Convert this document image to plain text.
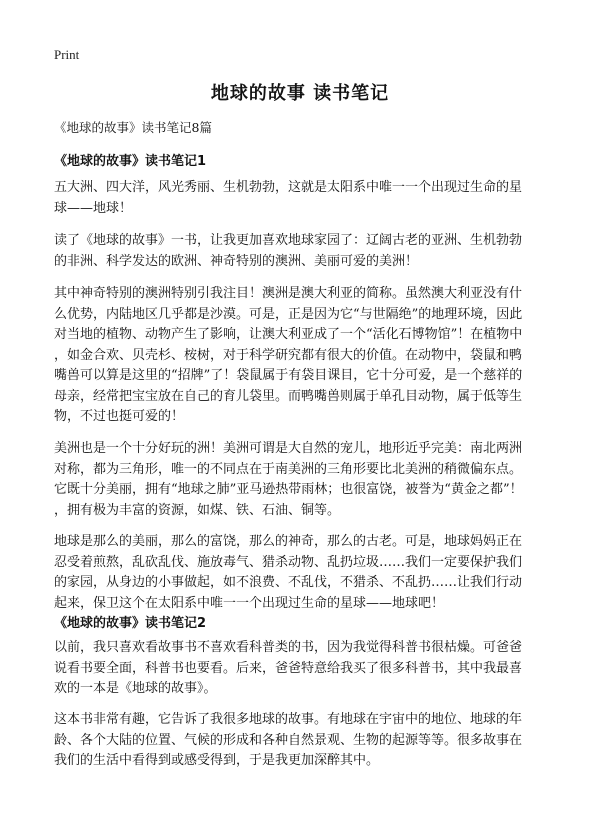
Print
地球的故事 读书笔记
《地球的故事》读书笔记8篇
《地球的故事》读书笔记1
五大洲、四大洋，风光秀丽、生机勃勃，这就是太阳系中唯一一个出现过生命的星
球——地球！
读了《地球的故事》一书，让我更加喜欢地球家园了：辽阔古老的亚洲、生机勃勃
的非洲、科学发达的欧洲、神奇特别的澳洲、美丽可爱的美洲！
其中神奇特别的澳洲特别引我注目！澳洲是澳大利亚的简称。虽然澳大利亚没有什
么优势，内陆地区几乎都是沙漠。可是，正是因为它“与世隔绝”的地理环境，因此
对当地的植物、动物产生了影响，让澳大利亚成了一个“活化石博物馆”！在植物中
，如金合欢、贝壳杉、桉树，对于科学研究都有很大的价值。在动物中，袋鼠和鸭
嘴兽可以算是这里的“招牌”了！袋鼠属于有袋目课目，它十分可爱，是一个慈祥的
母亲，经常把宝宝放在自己的育儿袋里。而鸭嘴兽则属于单孔目动物，属于低等生
物，不过也挺可爱的！
美洲也是一个十分好玩的洲！美洲可谓是大自然的宠儿，地形近乎完美：南北两洲
对称，都为三角形，唯一的不同点在于南美洲的三角形要比北美洲的稍微偏东点。
它既十分美丽，拥有“地球之肺”亚马逊热带雨林；也很富饶，被誉为“黄金之都”！
，拥有极为丰富的资源，如煤、铁、石油、铜等。
地球是那么的美丽，那么的富饶，那么的神奇，那么的古老。可是，地球妈妈正在
忍受着煎熬，乱砍乱伐、施放毒气、猎杀动物、乱扔垃圾……我们一定要保护我们
的家园，从身边的小事做起，如不浪费、不乱伐，不猎杀、不乱扔……让我们行动
起来，保卫这个在太阳系中唯一一个出现过生命的星球——地球吧！
《地球的故事》读书笔记2
以前，我只喜欢看故事书不喜欢看科普类的书，因为我觉得科普书很枯燥。可爸爸
说看书要全面，科普书也要看。后来，爸爸特意给我买了很多科普书，其中我最喜
欢的一本是《地球的故事》。
这本书非常有趣，它告诉了我很多地球的故事。有地球在宇宙中的地位、地球的年
龄、各个大陆的位置、气候的形成和各种自然景观、生物的起源等等。很多故事在
我们的生活中看得到或感受得到，于是我更加深醉其中。
